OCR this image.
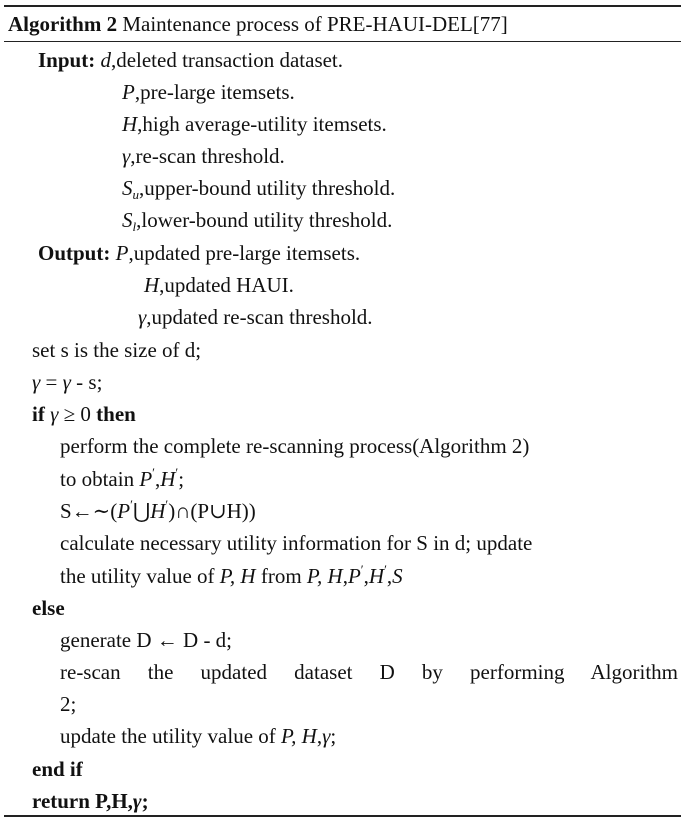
Algorithm 2 Maintenance process of PRE-HAUI-DEL[77]
Input: d,deleted transaction dataset.
P,pre-large itemsets.
H,high average-utility itemsets.
γ,re-scan threshold.
$S_u,upper$-bound utility threshold.
$S_l,lower$-bound utility threshold.
Output: P,updated pre-large itemsets.
H,updated HAUI.
γ,updated re-scan threshold.
set s is the size of d;
γ = γ - s;
if γ ≥ 0 then
perform the complete re-scanning process(Algorithm 2)
to obtain P′,H′;
S←∼(P′⋃H′)∩(P∪H))
calculate necessary utility information for S in d; update
the utility value of P, H from P, H,P′,H′,S
else
generate D ← D - d;
re-scan the updated dataset D by performing Algorithm
2;
update the utility value of P, H,γ;
end if
return P,H,γ;
